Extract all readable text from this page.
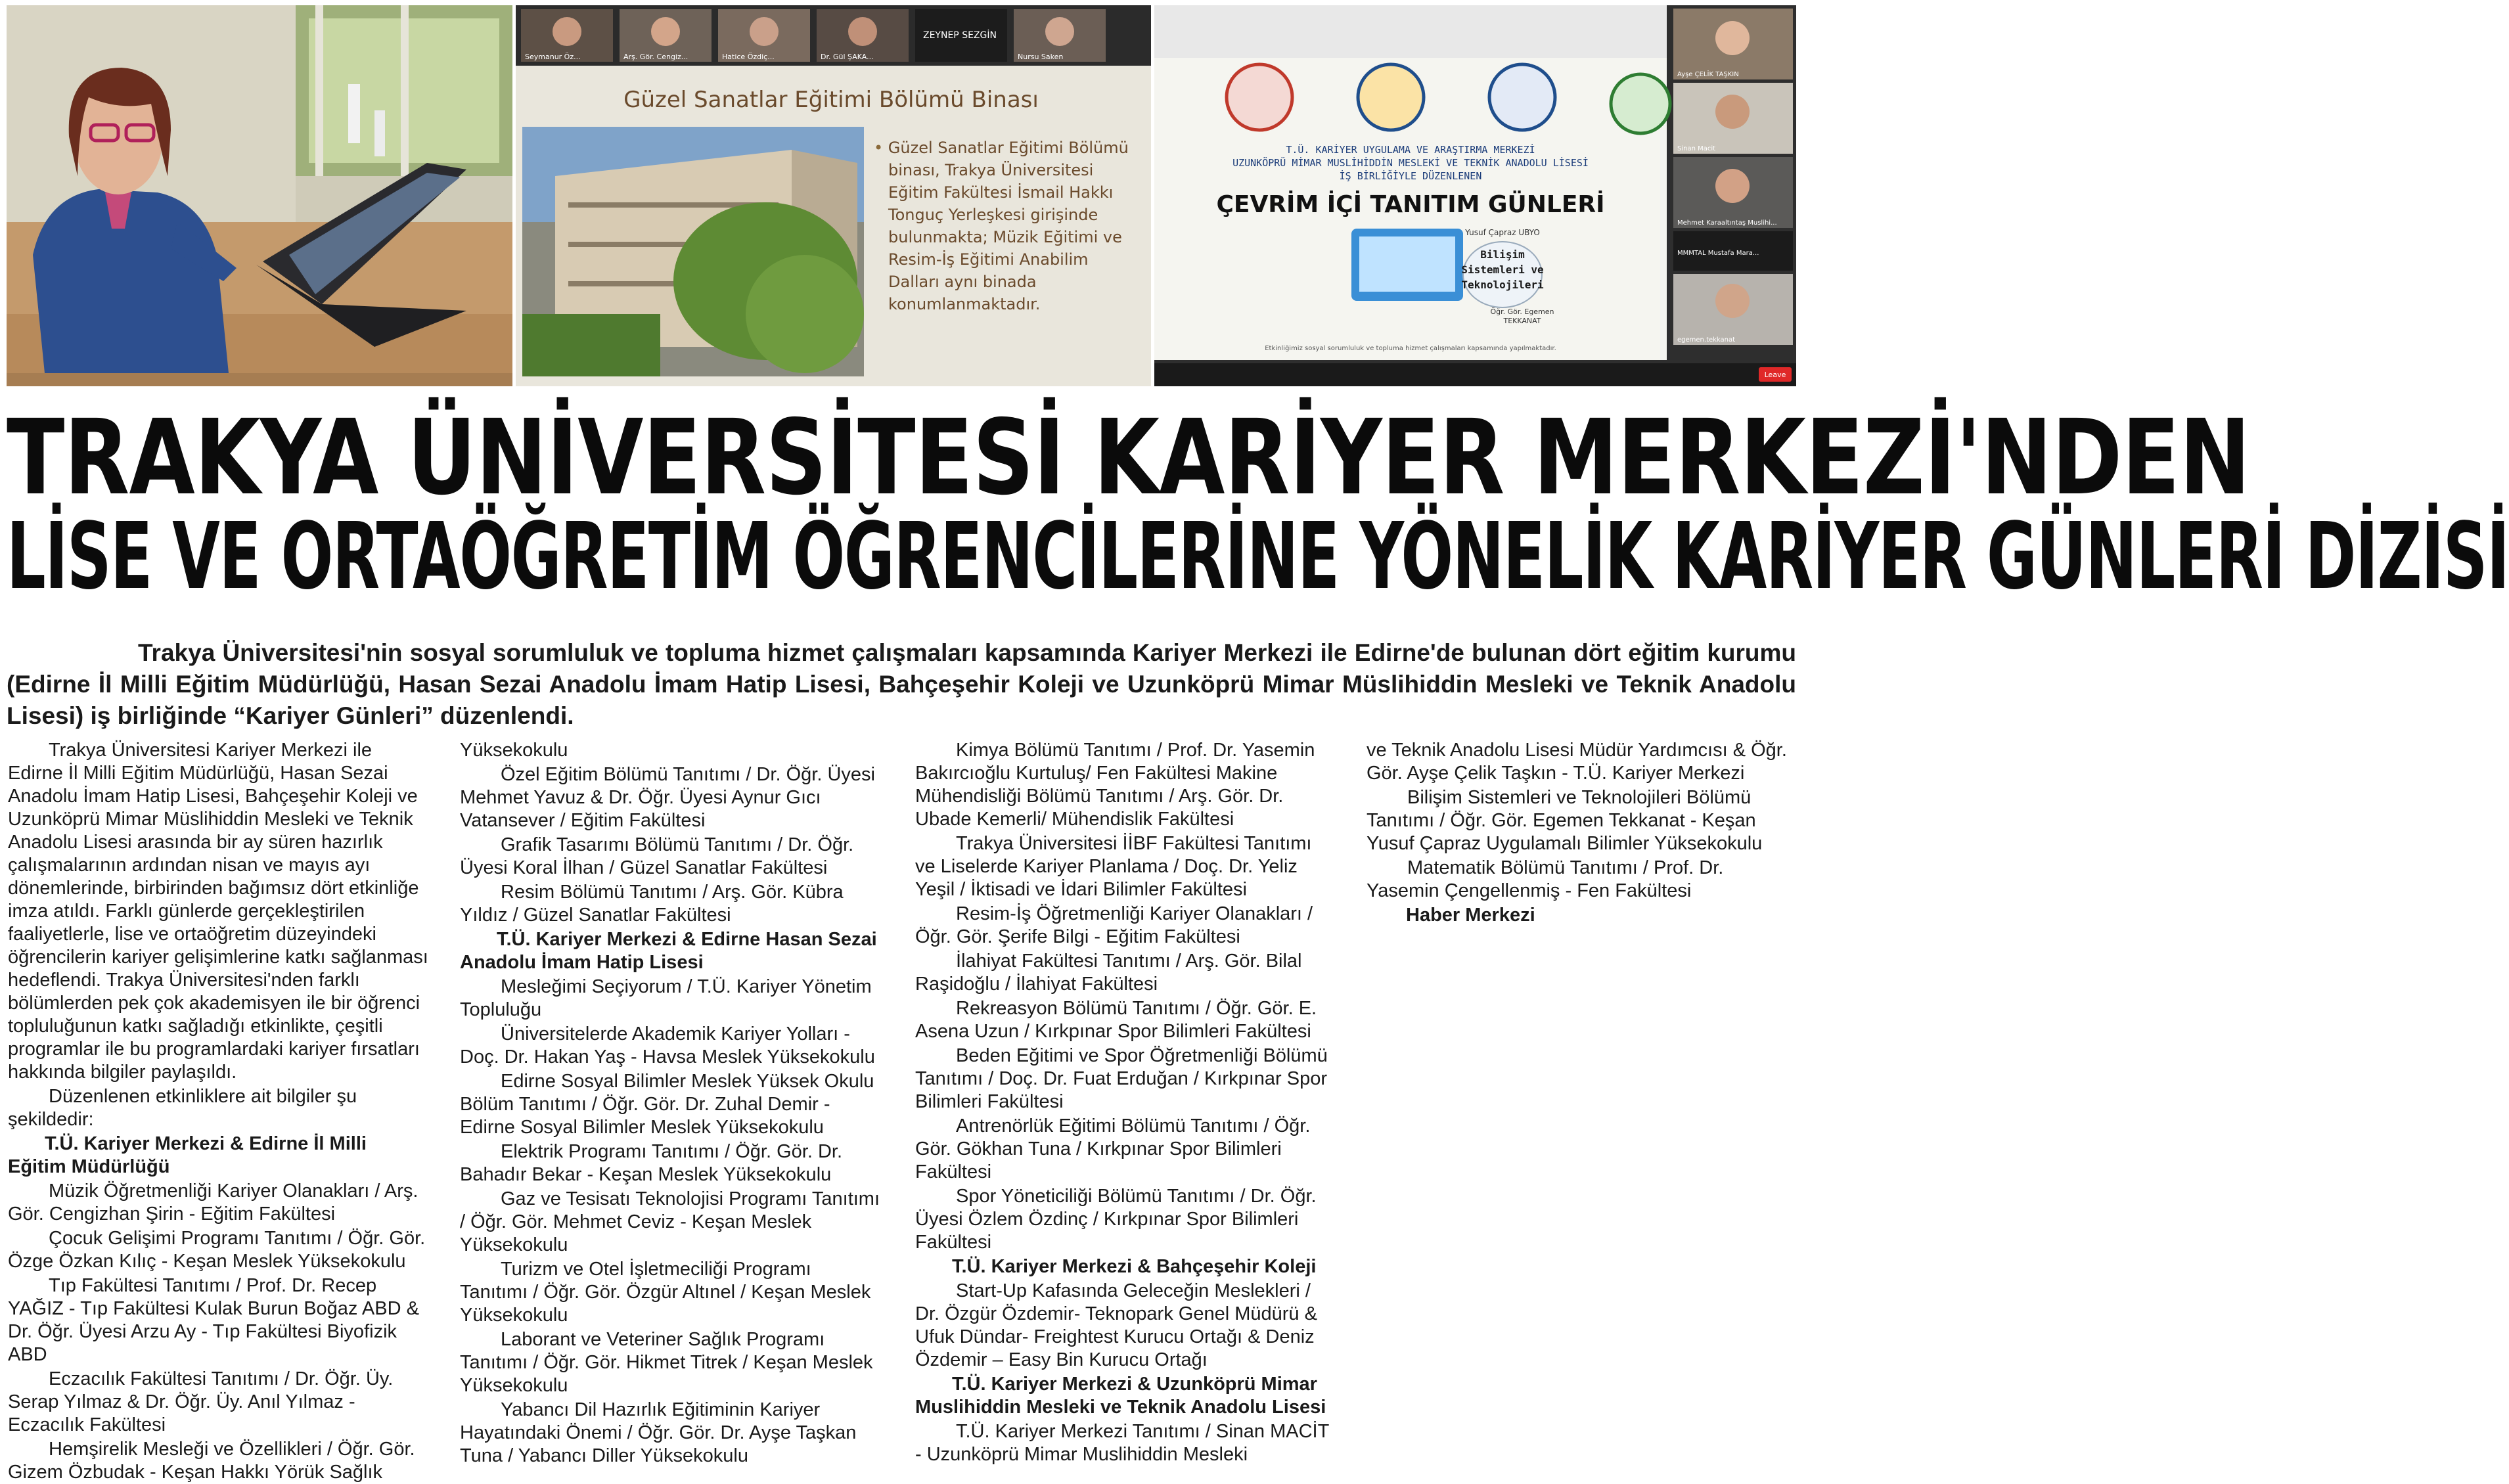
Seymanur Öz...	Arş. Gör. Cengiz...	Hatice Özdiç...	Dr. Gül ŞAKA...
ZEYNEP SEZGİN
Nursu Saken
Güzel Sanatlar Eğitimi Bölümü Binası
• Güzel Sanatlar Eğitimi Bölümü binası, Trakya Üniversitesi Eğitim Fakültesi İsmail Hakkı Tonguç Yerleşkesi girişinde bulunmakta; Müzik Eğitimi ve Resim-İş Eğitimi Anabilim Dalları aynı binada konumlanmaktadır.
T.Ü. KARİYER UYGULAMA VE ARAŞTIRMA MERKEZİ
UZUNKÖPRÜ MİMAR MUSLİHİDDİN MESLEKİ VE TEKNİK ANADOLU LİSESİ
İŞ BİRLİĞİYLE DÜZENLENEN
ÇEVRİM İÇİ TANITIM GÜNLERİ
Yusuf Çapraz UBYO
Bilişim
Sistemleri ve
Teknolojileri
Öğr. Gör. Egemen
TEKKANAT
Etkinliğimiz sosyal sorumluluk ve topluma hizmet çalışmaları kapsamında yapılmaktadır.
Ayşe ÇELİK TAŞKIN
Sinan Macit
Mehmet Karaaltıntaş Muslihi...
MMMTAL Mustafa Mara...
egemen.tekkanat
Leave
TRAKYA ÜNİVERSİTESİ KARİYER MERKEZİ'NDEN
LİSE VE ORTAÖĞRETİM ÖĞRENCİLERİNE YÖNELİK KARİYER GÜNLERİ DİZİSİ

Trakya Üniversitesi'nin sosyal sorumluluk ve topluma hizmet çalışmaları kapsamında Kariyer Merkezi ile Edirne'de bulunan dört eğitim kurumu (Edirne İl Milli Eğitim Müdürlüğü, Hasan Sezai Anadolu İmam Hatip Lisesi, Bahçeşehir Koleji ve Uzunköprü Mimar Müslihiddin Mesleki ve Teknik Anadolu Lisesi) iş birliğinde “Kariyer Günleri” düzenlendi.

Trakya Üniversitesi Kariyer Merkezi ile Edirne İl Milli Eğitim Müdürlüğü, Hasan Sezai Anadolu İmam Hatip Lisesi, Bahçeşehir Koleji ve Uzunköprü Mimar Müslihiddin Mesleki ve Teknik Anadolu Lisesi arasında bir ay süren hazırlık çalışmalarının ardından nisan ve mayıs ayı dönemlerinde, birbirinden bağımsız dört etkinliğe imza atıldı. Farklı günlerde gerçekleştirilen faaliyetlerle, lise ve ortaöğretim düzeyindeki öğrencilerin kariyer gelişimlerine katkı sağlanması hedeflendi. Trakya Üniversitesi'nden farklı bölümlerden pek çok akademisyen ile bir öğrenci topluluğunun katkı sağladığı etkinlikte, çeşitli programlar ile bu programlardaki kariyer fırsatları hakkında bilgiler paylaşıldı.

Düzenlenen etkinliklere ait bilgiler şu şekildedir:

T.Ü. Kariyer Merkezi & Edirne İl Milli Eğitim Müdürlüğü

Müzik Öğretmenliği Kariyer Olanakları / Arş. Gör. Cengizhan Şirin - Eğitim Fakültesi

Çocuk Gelişimi Programı Tanıtımı / Öğr. Gör. Özge Özkan Kılıç - Keşan Meslek Yüksekokulu

Tıp Fakültesi Tanıtımı / Prof. Dr. Recep YAĞIZ - Tıp Fakültesi Kulak Burun Boğaz ABD & Dr. Öğr. Üyesi Arzu Ay - Tıp Fakültesi Biyofizik ABD

Eczacılık Fakültesi Tanıtımı / Dr. Öğr. Üy. Serap Yılmaz & Dr. Öğr. Üy. Anıl Yılmaz - Eczacılık Fakültesi

Hemşirelik Mesleği ve Özellikleri / Öğr. Gör. Gizem Özbudak - Keşan Hakkı Yörük Sağlık

Yüksekokulu

Özel Eğitim Bölümü Tanıtımı / Dr. Öğr. Üyesi Mehmet Yavuz & Dr. Öğr. Üyesi Aynur Gıcı Vatansever / Eğitim Fakültesi

Grafik Tasarımı Bölümü Tanıtımı / Dr. Öğr. Üyesi Koral İlhan / Güzel Sanatlar Fakültesi

Resim Bölümü Tanıtımı / Arş. Gör. Kübra Yıldız / Güzel Sanatlar Fakültesi

T.Ü. Kariyer Merkezi & Edirne Hasan Sezai Anadolu İmam Hatip Lisesi

Mesleğimi Seçiyorum / T.Ü. Kariyer Yönetim Topluluğu

Üniversitelerde Akademik Kariyer Yolları - Doç. Dr. Hakan Yaş - Havsa Meslek Yüksekokulu

Edirne Sosyal Bilimler Meslek Yüksek Okulu Bölüm Tanıtımı / Öğr. Gör. Dr. Zuhal Demir - Edirne Sosyal Bilimler Meslek Yüksekokulu

Elektrik Programı Tanıtımı / Öğr. Gör. Dr. Bahadır Bekar - Keşan Meslek Yüksekokulu

Gaz ve Tesisatı Teknolojisi Programı Tanıtımı / Öğr. Gör. Mehmet Ceviz - Keşan Meslek Yüksekokulu

Turizm ve Otel İşletmeciliği Programı Tanıtımı / Öğr. Gör. Özgür Altınel / Keşan Meslek Yüksekokulu

Laborant ve Veteriner Sağlık Programı Tanıtımı / Öğr. Gör. Hikmet Titrek / Keşan Meslek Yüksekokulu

Yabancı Dil Hazırlık Eğitiminin Kariyer Hayatındaki Önemi / Öğr. Gör. Dr. Ayşe Taşkan Tuna / Yabancı Diller Yüksekokulu

Kimya Bölümü Tanıtımı / Prof. Dr. Yasemin Bakırcıoğlu Kurtuluş/ Fen Fakültesi Makine Mühendisliği Bölümü Tanıtımı / Arş. Gör. Dr. Ubade Kemerli/ Mühendislik Fakültesi

Trakya Üniversitesi İİBF Fakültesi Tanıtımı ve Liselerde Kariyer Planlama / Doç. Dr. Yeliz Yeşil / İktisadi ve İdari Bilimler Fakültesi

Resim-İş Öğretmenliği Kariyer Olanakları / Öğr. Gör. Şerife Bilgi - Eğitim Fakültesi

İlahiyat Fakültesi Tanıtımı / Arş. Gör. Bilal Raşidoğlu / İlahiyat Fakültesi

Rekreasyon Bölümü Tanıtımı / Öğr. Gör. E. Asena Uzun / Kırkpınar Spor Bilimleri Fakültesi

Beden Eğitimi ve Spor Öğretmenliği Bölümü Tanıtımı / Doç. Dr. Fuat Erduğan / Kırkpınar Spor Bilimleri Fakültesi

Antrenörlük Eğitimi Bölümü Tanıtımı / Öğr. Gör. Gökhan Tuna / Kırkpınar Spor Bilimleri Fakültesi

Spor Yöneticiliği Bölümü Tanıtımı / Dr. Öğr. Üyesi Özlem Özdinç / Kırkpınar Spor Bilimleri Fakültesi

T.Ü. Kariyer Merkezi & Bahçeşehir Koleji

Start-Up Kafasında Geleceğin Meslekleri / Dr. Özgür Özdemir- Teknopark Genel Müdürü & Ufuk Dündar- Freightest Kurucu Ortağı & Deniz Özdemir – Easy Bin Kurucu Ortağı

T.Ü. Kariyer Merkezi & Uzunköprü Mimar Muslihiddin Mesleki ve Teknik Anadolu Lisesi

T.Ü. Kariyer Merkezi Tanıtımı / Sinan MACİT - Uzunköprü Mimar Muslihiddin Mesleki

ve Teknik Anadolu Lisesi Müdür Yardımcısı & Öğr. Gör. Ayşe Çelik Taşkın - T.Ü. Kariyer Merkezi

Bilişim Sistemleri ve Teknolojileri Bölümü Tanıtımı / Öğr. Gör. Egemen Tekkanat - Keşan Yusuf Çapraz Uygulamalı Bilimler Yüksekokulu

Matematik Bölümü Tanıtımı / Prof. Dr. Yasemin Çengellenmiş - Fen Fakültesi

Haber Merkezi
